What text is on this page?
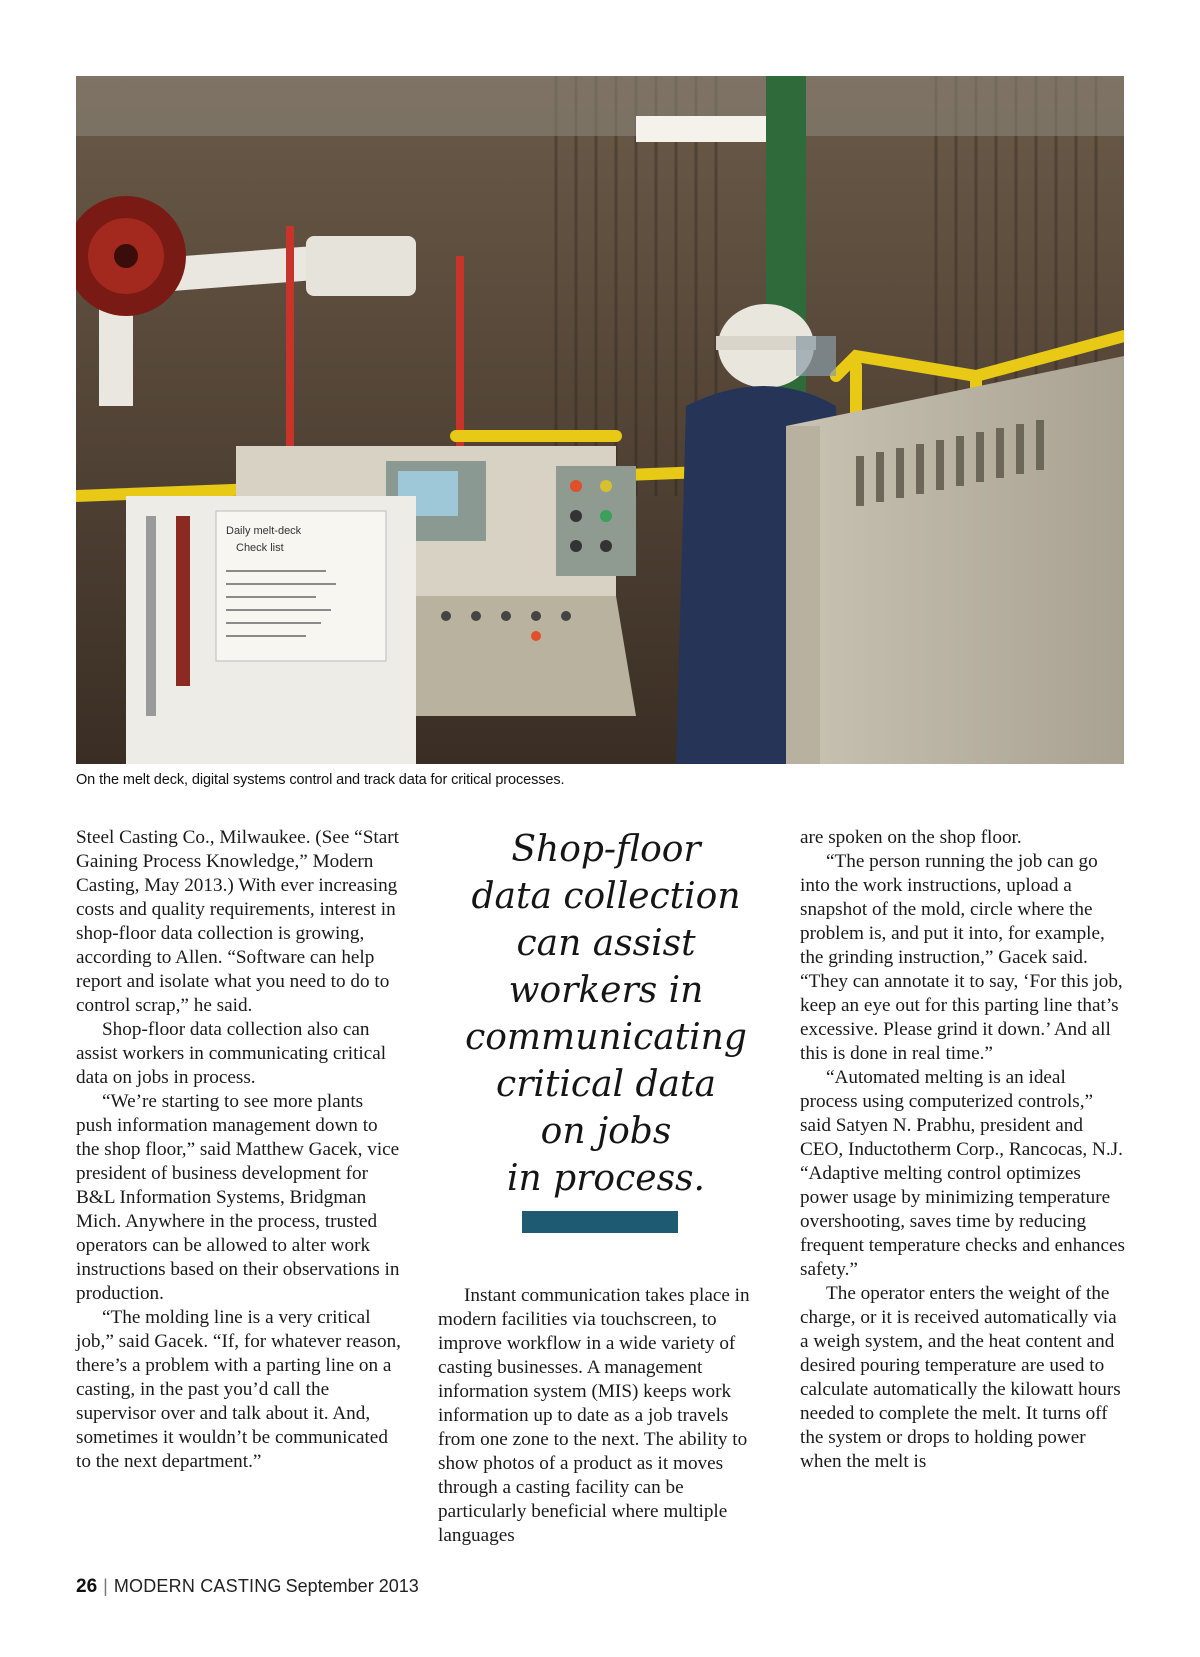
Daily melt-deck
Check list
On the melt deck, digital systems control and track data for critical processes.

Steel Casting Co., Milwaukee. (See “Start Gaining Process Knowledge,” Modern Casting, May 2013.) With ever increasing costs and quality requirements, interest in shop-floor data collection is growing, according to Allen. “Software can help report and isolate what you need to do to control scrap,” he said.

Shop-floor data collection also can assist workers in communicating critical data on jobs in process.

“We’re starting to see more plants push information management down to the shop floor,” said Matthew Gacek, vice president of business development for B&L Information Systems, Bridgman Mich. Anywhere in the process, trusted operators can be allowed to alter work instructions based on their observations in production.

“The molding line is a very critical job,” said Gacek. “If, for whatever reason, there’s a problem with a parting line on a casting, in the past you’d call the supervisor over and talk about it. And, sometimes it wouldn’t be communicated to the next department.”

Shop-floor
data collection
can assist
workers in
communicating
critical data
on jobs
in process.

Instant communication takes place in modern facilities via touchscreen, to improve workflow in a wide variety of casting businesses. A management information system (MIS) keeps work information up to date as a job travels from one zone to the next. The ability to show photos of a product as it moves through a casting facility can be particularly beneficial where multiple languages

are spoken on the shop floor.

“The person running the job can go into the work instructions, upload a snapshot of the mold, circle where the problem is, and put it into, for example, the grinding instruction,” Gacek said. “They can annotate it to say, ‘For this job, keep an eye out for this parting line that’s excessive. Please grind it down.’ And all this is done in real time.”

“Automated melting is an ideal process using computerized controls,” said Satyen N. Prabhu, president and CEO, Inductotherm Corp., Rancocas, N.J. “Adaptive melting control optimizes power usage by minimizing temperature overshooting, saves time by reducing frequent temperature checks and enhances safety.”

The operator enters the weight of the charge, or it is received automatically via a weigh system, and the heat content and desired pouring temperature are used to calculate automatically the kilowatt hours needed to complete the melt. It turns off the system or drops to holding power when the melt is

26 | MODERN CASTING September 2013
